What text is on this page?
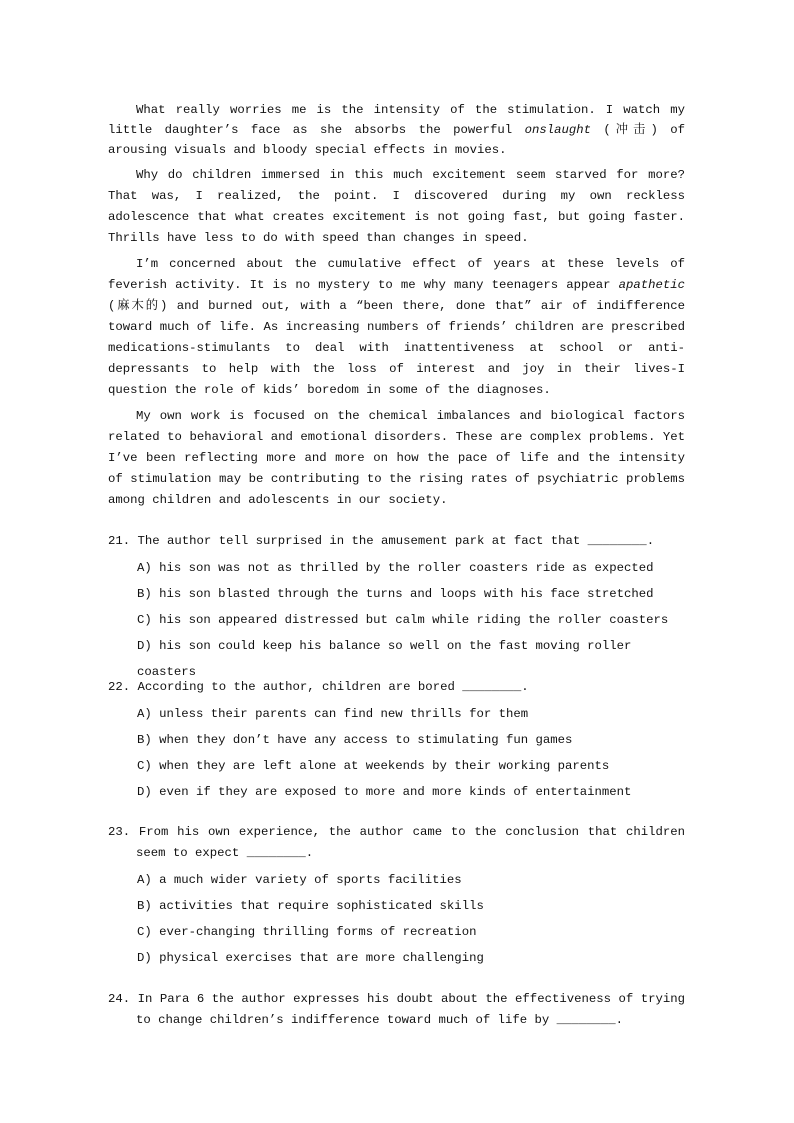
What really worries me is the intensity of the stimulation. I watch my little daughter’s face as she absorbs the powerful onslaught (冲击) of arousing visuals and bloody special effects in movies.

Why do children immersed in this much excitement seem starved for more? That was, I realized, the point. I discovered during my own reckless adolescence that what creates excitement is not going fast, but going faster. Thrills have less to do with speed than changes in speed.

I’m concerned about the cumulative effect of years at these levels of feverish activity. It is no mystery to me why many teenagers appear apathetic (麻木的) and burned out, with a “been there, done that” air of indifference toward much of life. As increasing numbers of friends’ children are prescribed medications-stimulants to deal with inattentiveness at school or anti-depressants to help with the loss of interest and joy in their lives-I question the role of kids’ boredom in some of the diagnoses.

My own work is focused on the chemical imbalances and biological factors related to behavioral and emotional disorders. These are complex problems. Yet I’ve been reflecting more and more on how the pace of life and the intensity of stimulation may be contributing to the rising rates of psychiatric problems among children and adolescents in our society.

21. The author tell surprised in the amusement park at fact that ________.
A) his son was not as thrilled by the roller coasters ride as expected
B) his son blasted through the turns and loops with his face stretched
C) his son appeared distressed but calm while riding the roller coasters
D) his son could keep his balance so well on the fast moving roller coasters
22. According to the author, children are bored ________.
A) unless their parents can find new thrills for them
B) when they don’t have any access to stimulating fun games
C) when they are left alone at weekends by their working parents
D) even if they are exposed to more and more kinds of entertainment
23. From his own experience, the author came to the conclusion that children seem to expect ________.
A) a much wider variety of sports facilities
B) activities that require sophisticated skills
C) ever-changing thrilling forms of recreation
D) physical exercises that are more challenging
24. In Para 6 the author expresses his doubt about the effectiveness of trying to change children’s indifference toward much of life by ________.
